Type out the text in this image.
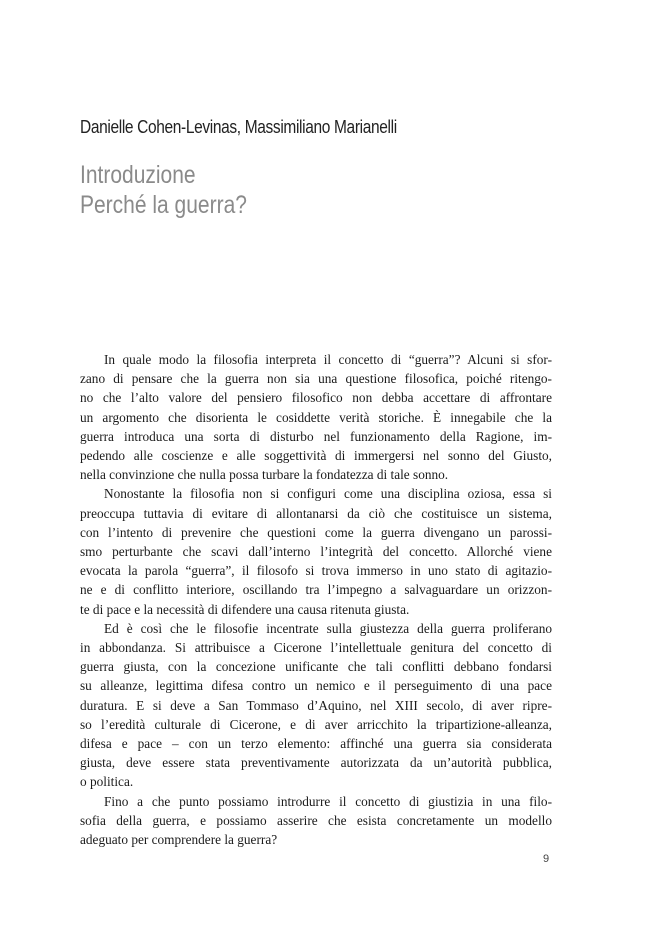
Danielle Cohen-Levinas, Massimiliano Marianelli
Introduzione
Perché la guerra?
In quale modo la filosofia interpreta il concetto di “guerra”? Alcuni si sfor-
zano di pensare che la guerra non sia una questione filosofica, poiché ritengo-
no che l’alto valore del pensiero filosofico non debba accettare di affrontare
un argomento che disorienta le cosiddette verità storiche. È innegabile che la
guerra introduca una sorta di disturbo nel funzionamento della Ragione, im-
pedendo alle coscienze e alle soggettività di immergersi nel sonno del Giusto,
nella convinzione che nulla possa turbare la fondatezza di tale sonno.
Nonostante la filosofia non si configuri come una disciplina oziosa, essa si
preoccupa tuttavia di evitare di allontanarsi da ciò che costituisce un sistema,
con l’intento di prevenire che questioni come la guerra divengano un parossi-
smo perturbante che scavi dall’interno l’integrità del concetto. Allorché viene
evocata la parola “guerra”, il filosofo si trova immerso in uno stato di agitazio-
ne e di conflitto interiore, oscillando tra l’impegno a salvaguardare un orizzon-
te di pace e la necessità di difendere una causa ritenuta giusta.
Ed è così che le filosofie incentrate sulla giustezza della guerra proliferano
in abbondanza. Si attribuisce a Cicerone l’intellettuale genitura del concetto di
guerra giusta, con la concezione unificante che tali conflitti debbano fondarsi
su alleanze, legittima difesa contro un nemico e il perseguimento di una pace
duratura. E si deve a San Tommaso d’Aquino, nel XIII secolo, di aver ripre-
so l’eredità culturale di Cicerone, e di aver arricchito la tripartizione-alleanza,
difesa e pace – con un terzo elemento: affinché una guerra sia considerata
giusta, deve essere stata preventivamente autorizzata da un’autorità pubblica,
o politica.
Fino a che punto possiamo introdurre il concetto di giustizia in una filo-
sofia della guerra, e possiamo asserire che esista concretamente un modello
adeguato per comprendere la guerra?
9
